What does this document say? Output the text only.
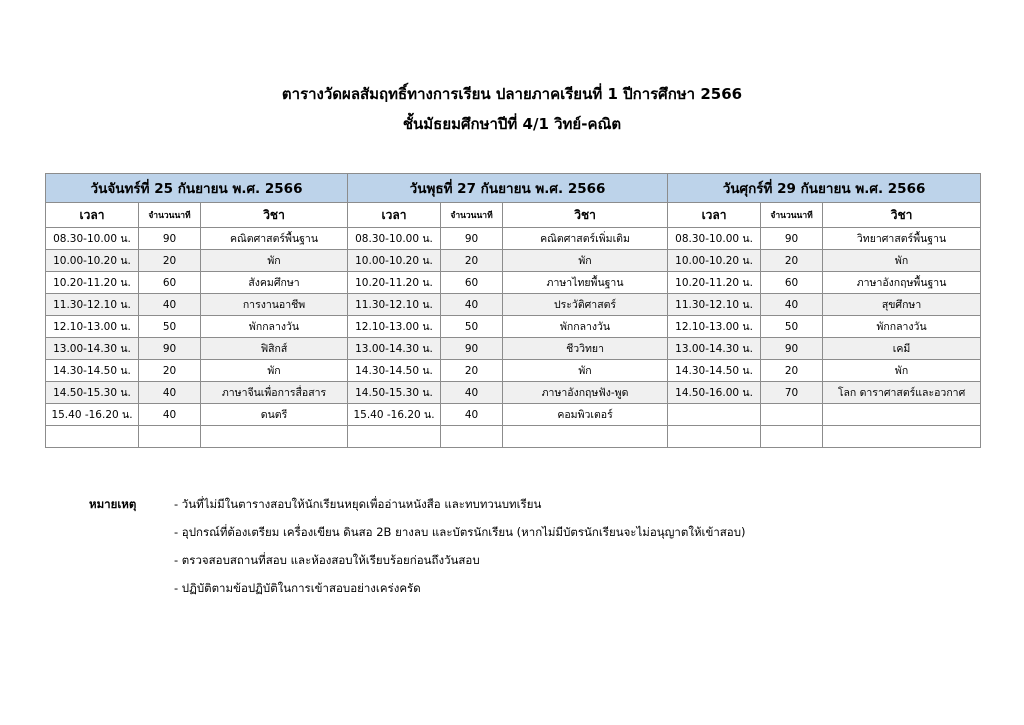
ตารางวัดผลสัมฤทธิ์ทางการเรียน ปลายภาคเรียนที่ 1 ปีการศึกษา 2566
ชั้นมัธยมศึกษาปีที่ 4/1 วิทย์-คณิต
วันจันทร์ที่ 25 กันยายน พ.ศ. 2566			วันพุธที่ 27 กันยายน พ.ศ. 2566			วันศุกร์ที่ 29 กันยายน พ.ศ. 2566		
เวลา	จำนวนนาที	วิชา	เวลา	จำนวนนาที	วิชา	เวลา	จำนวนนาที	วิชา
08.30-10.00 น.	90	คณิตศาสตร์พื้นฐาน	08.30-10.00 น.	90	คณิตศาสตร์เพิ่มเติม	08.30-10.00 น.	90	วิทยาศาสตร์พื้นฐาน
10.00-10.20 น.	20	พัก	10.00-10.20 น.	20	พัก	10.00-10.20 น.	20	พัก
10.20-11.20 น.	60	สังคมศึกษา	10.20-11.20 น.	60	ภาษาไทยพื้นฐาน	10.20-11.20 น.	60	ภาษาอังกฤษพื้นฐาน
11.30-12.10 น.	40	การงานอาชีพ	11.30-12.10 น.	40	ประวัติศาสตร์	11.30-12.10 น.	40	สุขศึกษา
12.10-13.00 น.	50	พักกลางวัน	12.10-13.00 น.	50	พักกลางวัน	12.10-13.00 น.	50	พักกลางวัน
13.00-14.30 น.	90	ฟิสิกส์	13.00-14.30 น.	90	ชีววิทยา	13.00-14.30 น.	90	เคมี
14.30-14.50 น.	20	พัก	14.30-14.50 น.	20	พัก	14.30-14.50 น.	20	พัก
14.50-15.30 น.	40	ภาษาจีนเพื่อการสื่อสาร	14.50-15.30 น.	40	ภาษาอังกฤษฟัง-พูด	14.50-16.00 น.	70	โลก ดาราศาสตร์และอวกาศ
15.40 -16.20 น.	40	ดนตรี	15.40 -16.20 น.	40	คอมพิวเตอร์			

หมายเหตุ	- วันที่ไม่มีในตารางสอบให้นักเรียนหยุดเพื่ออ่านหนังสือ และทบทวนบทเรียน
- อุปกรณ์ที่ต้องเตรียม เครื่องเขียน ดินสอ 2B ยางลบ และบัตรนักเรียน (หากไม่มีบัตรนักเรียนจะไม่อนุญาตให้เข้าสอบ)
- ตรวจสอบสถานที่สอบ และห้องสอบให้เรียบร้อยก่อนถึงวันสอบ
- ปฏิบัติตามข้อปฏิบัติในการเข้าสอบอย่างเคร่งครัด
